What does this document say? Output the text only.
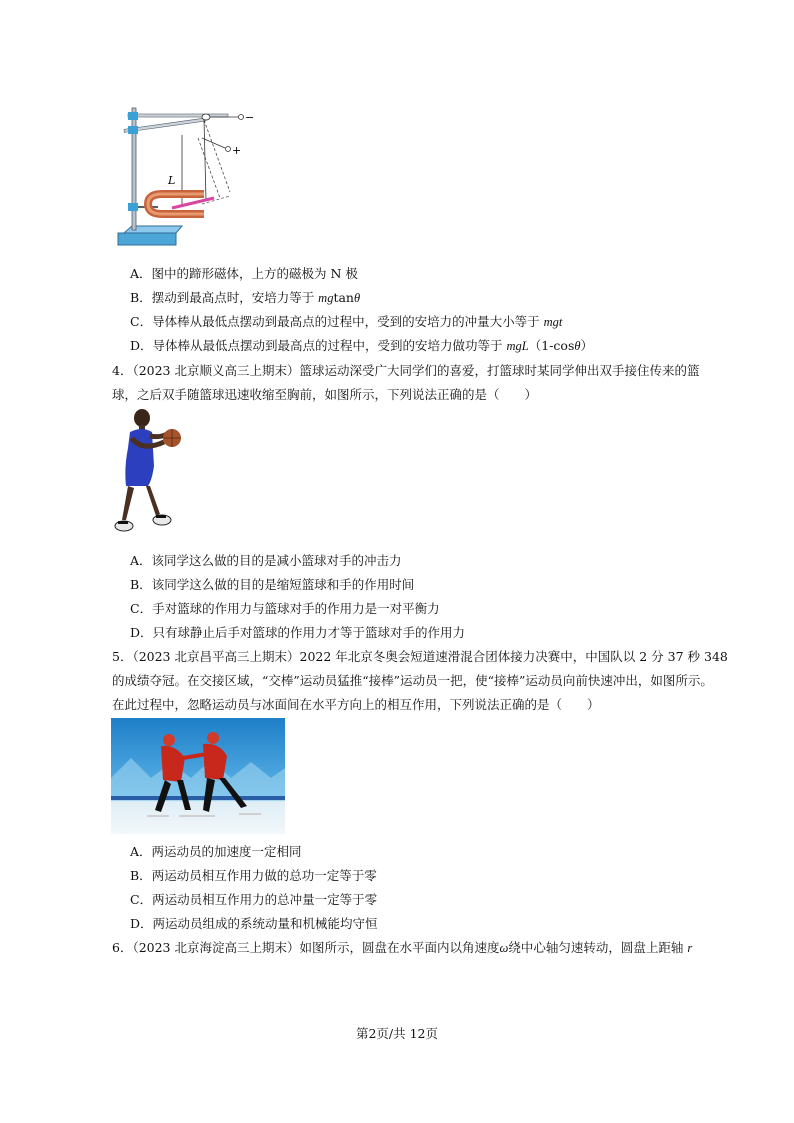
−
+
L
A．图中的蹄形磁体，上方的磁极为 N 极
B．摆动到最高点时，安培力等于 mgtanθ
C．导体棒从最低点摆动到最高点的过程中，受到的安培力的冲量大小等于 mgt
D．导体棒从最低点摆动到最高点的过程中，受到的安培力做功等于 mgL（1-cosθ）
4．（2023 北京顺义高三上期末）篮球运动深受广大同学们的喜爱，打篮球时某同学伸出双手接住传来的篮
球，之后双手随篮球迅速收缩至胸前，如图所示，下列说法正确的是（　　）
A．该同学这么做的目的是减小篮球对手的冲击力
B．该同学这么做的目的是缩短篮球和手的作用时间
C．手对篮球的作用力与篮球对手的作用力是一对平衡力
D．只有球静止后手对篮球的作用力才等于篮球对手的作用力
5．（2023 北京昌平高三上期末）2022 年北京冬奥会短道速滑混合团体接力决赛中，中国队以 2 分 37 秒 348
的成绩夺冠。在交接区域，“交棒”运动员猛推“接棒”运动员一把，使“接棒”运动员向前快速冲出，如图所示。
在此过程中，忽略运动员与冰面间在水平方向上的相互作用，下列说法正确的是（　　）
A．两运动员的加速度一定相同
B．两运动员相互作用力做的总功一定等于零
C．两运动员相互作用力的总冲量一定等于零
D．两运动员组成的系统动量和机械能均守恒
6．（2023 北京海淀高三上期末）如图所示，圆盘在水平面内以角速度ω绕中心轴匀速转动，圆盘上距轴 r
第2页/共 12页
